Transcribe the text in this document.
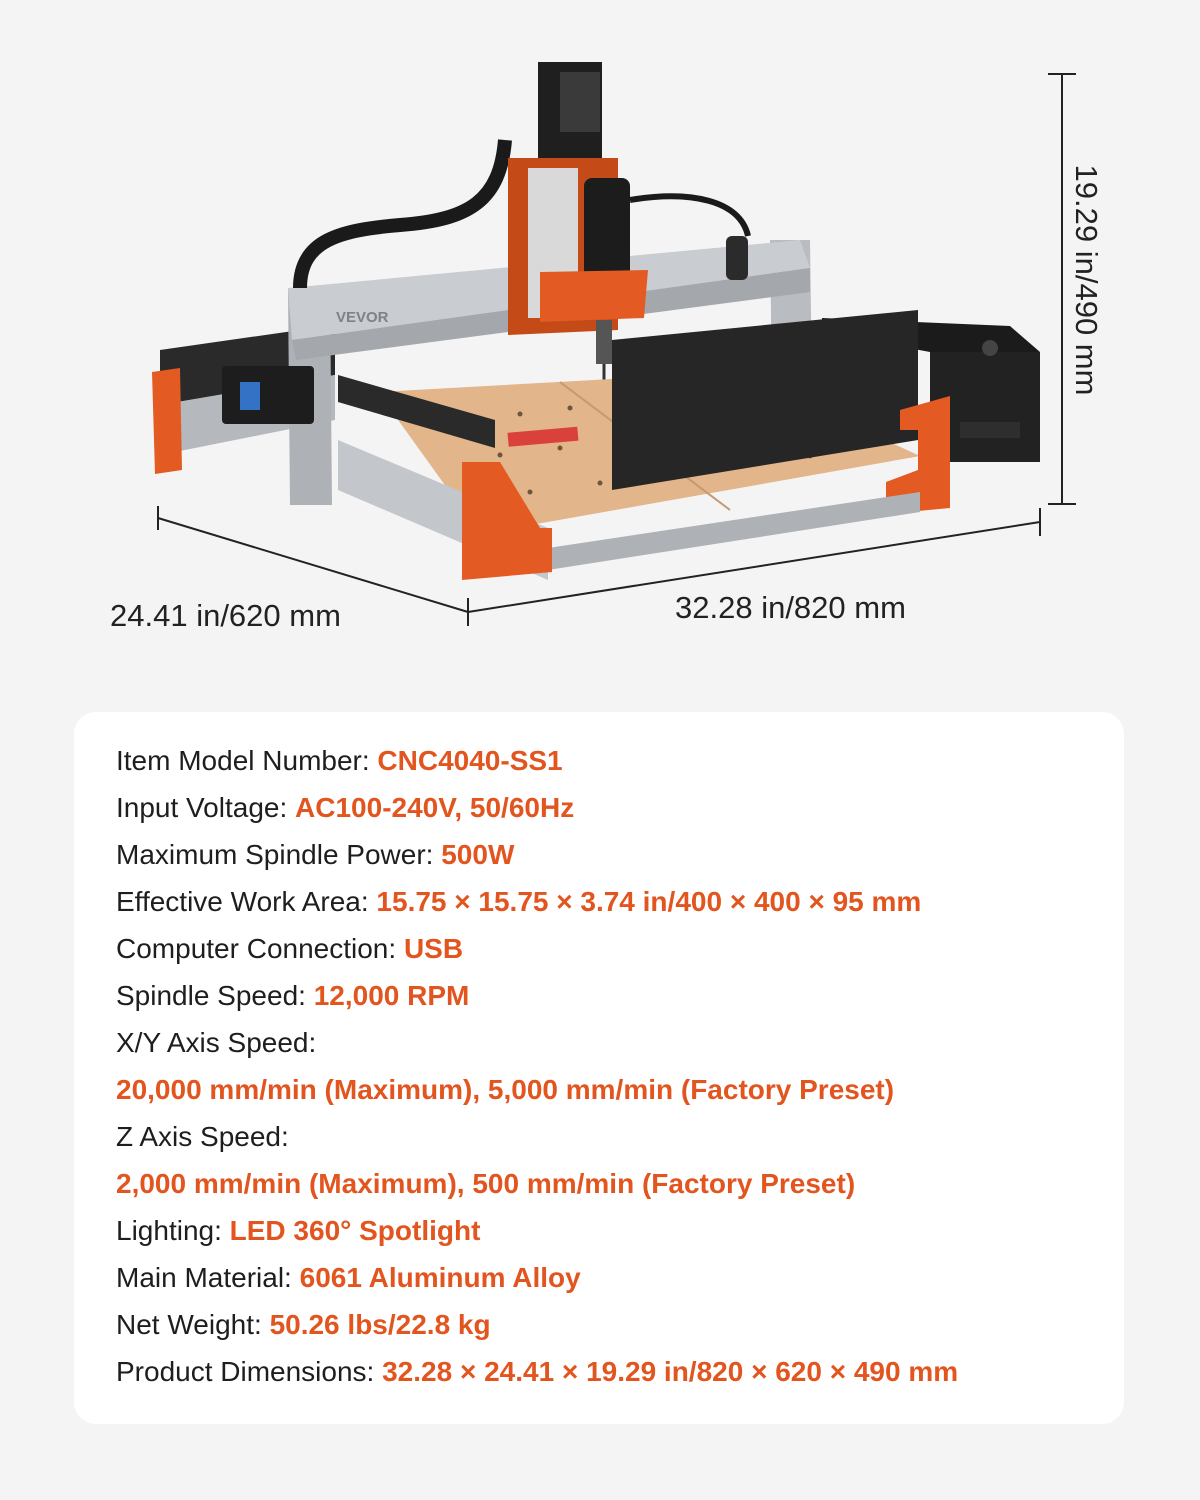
VEVOR
24.41 in/620 mm	32.28 in/820 mm
19.29 in/490 mm
Item Model Number: CNC4040-SS1
Input Voltage: AC100-240V, 50/60Hz
Maximum Spindle Power: 500W
Effective Work Area: 15.75 × 15.75 × 3.74 in/400 × 400 × 95 mm
Computer Connection: USB
Spindle Speed: 12,000 RPM
X/Y Axis Speed:
20,000 mm/min (Maximum), 5,000 mm/min (Factory Preset)
Z Axis Speed:
2,000 mm/min (Maximum), 500 mm/min (Factory Preset)
Lighting: LED 360° Spotlight
Main Material: 6061 Aluminum Alloy
Net Weight: 50.26 lbs/22.8 kg
Product Dimensions: 32.28 × 24.41 × 19.29 in/820 × 620 × 490 mm
